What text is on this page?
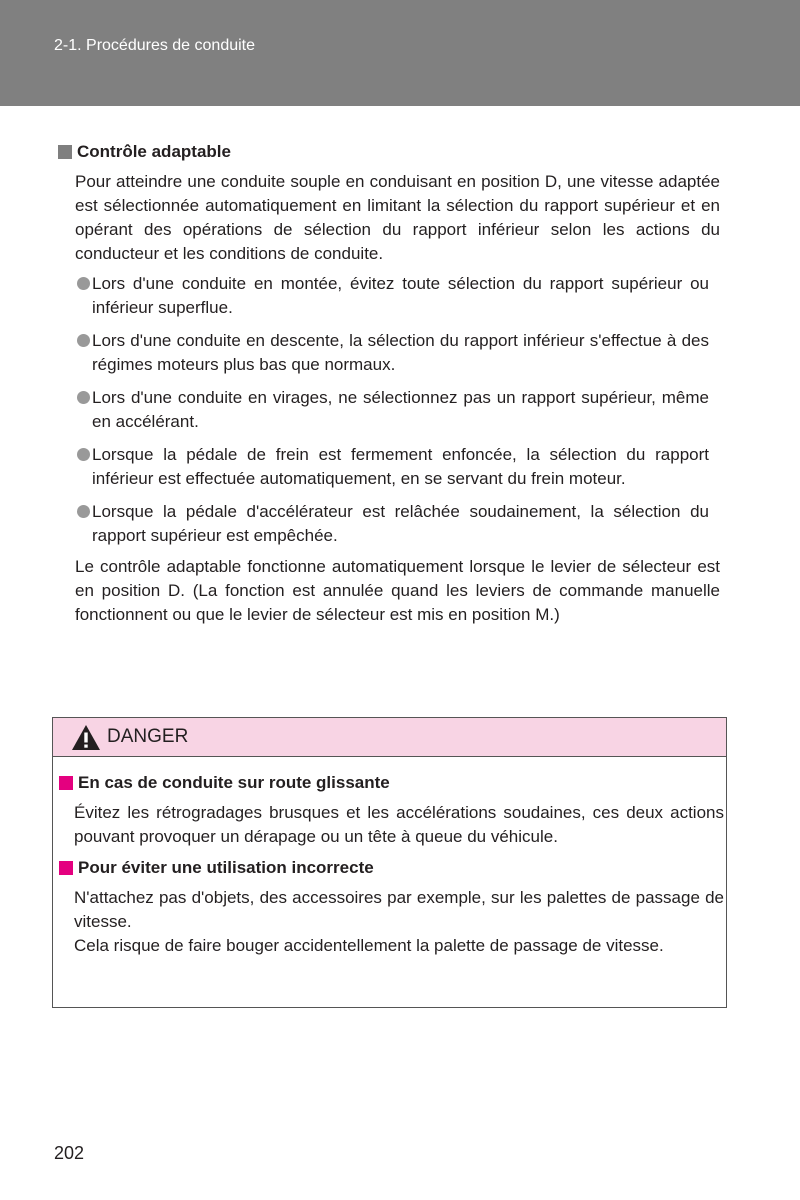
2-1. Procédures de conduite
Contrôle adaptable
Pour atteindre une conduite souple en conduisant en position D, une vitesse adaptée est sélectionnée automatiquement en limitant la sélection du rapport supérieur et en opérant des opérations de sélection du rapport inférieur selon les actions du conducteur et les conditions de conduite.
Lors d'une conduite en montée, évitez toute sélection du rapport supérieur ou inférieur superflue.
Lors d'une conduite en descente, la sélection du rapport inférieur s'effectue à des régimes moteurs plus bas que normaux.
Lors d'une conduite en virages, ne sélectionnez pas un rapport supérieur, même en accélérant.
Lorsque la pédale de frein est fermement enfoncée, la sélection du rapport inférieur est effectuée automatiquement, en se servant du frein moteur.
Lorsque la pédale d'accélérateur est relâchée soudainement, la sélection du rapport supérieur est empêchée.
Le contrôle adaptable fonctionne automatiquement lorsque le levier de sélecteur est en position D. (La fonction est annulée quand les leviers de commande manuelle fonctionnent ou que le levier de sélecteur est mis en position M.)
DANGER
En cas de conduite sur route glissante
Évitez les rétrogradages brusques et les accélérations soudaines, ces deux actions pouvant provoquer un dérapage ou un tête à queue du véhicule.
Pour éviter une utilisation incorrecte
N'attachez pas d'objets, des accessoires par exemple, sur les palettes de passage de vitesse.
Cela risque de faire bouger accidentellement la palette de passage de vitesse.
202
